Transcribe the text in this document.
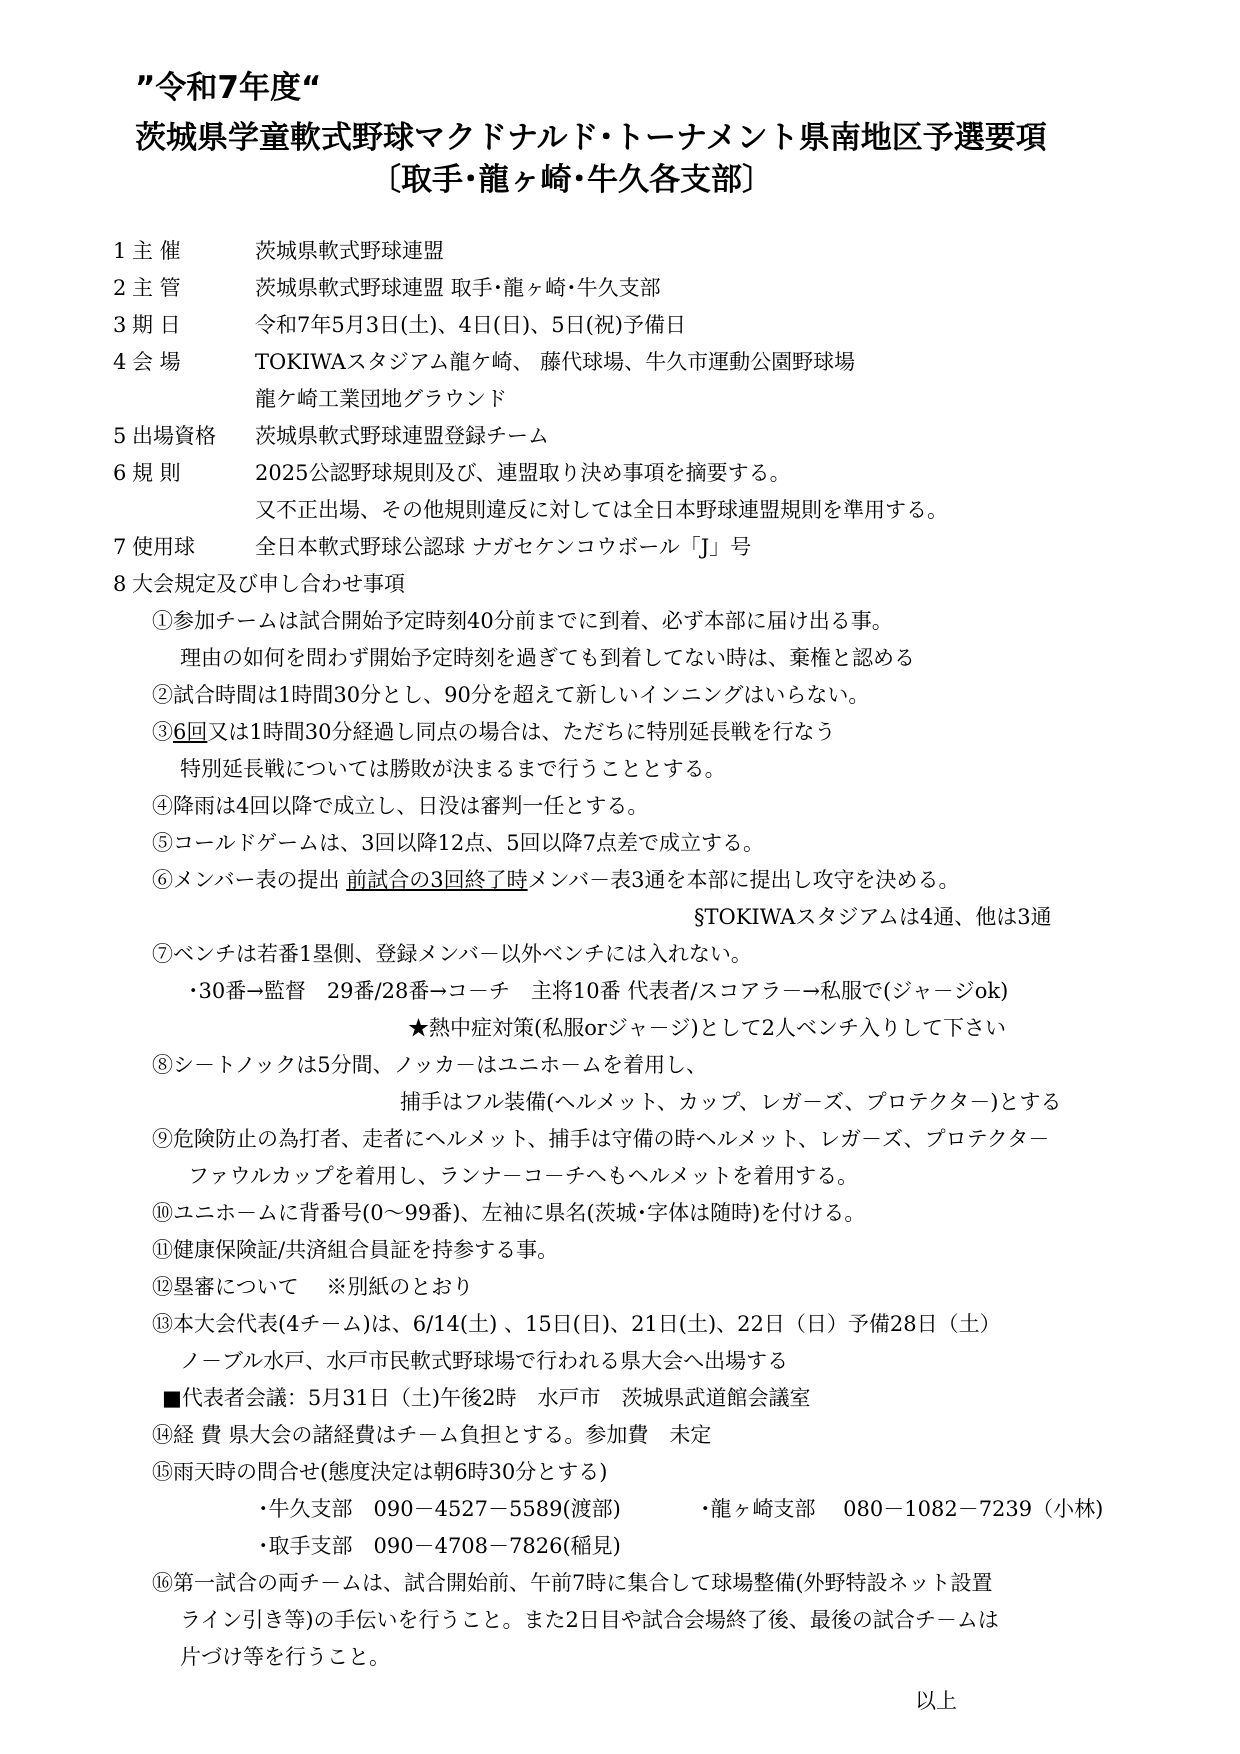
”令和7年度“
茨城県学童軟式野球マクドナルド･トーナメント県南地区予選要項
〔取手･龍ヶ崎･牛久各支部〕
1 主 催	茨城県軟式野球連盟
2 主 管	茨城県軟式野球連盟 取手･龍ヶ崎･牛久支部
3 期 日	令和7年5月3日(土)、4日(日)、5日(祝)予備日
4 会 場	TOKIWAスタジアム龍ケ崎、 藤代球場、牛久市運動公園野球場
龍ケ崎工業団地グラウンド
5 出場資格 茨城県軟式野球連盟登録チーム
6 規 則	2025公認野球規則及び、連盟取り決め事項を摘要する。
又不正出場、その他規則違反に対しては全日本野球連盟規則を準用する。
7 使用球	全日本軟式野球公認球 ナガセケンコウボール「J」号
8 大会規定及び申し合わせ事項
①参加チームは試合開始予定時刻40分前までに到着、必ず本部に届け出る事。
理由の如何を問わず開始予定時刻を過ぎても到着してない時は、棄権と認める
②試合時間は1時間30分とし、90分を超えて新しいインニングはいらない。
③6回又は1時間30分経過し同点の場合は、ただちに特別延長戦を行なう
特別延長戦については勝敗が決まるまで行うこととする。
④降雨は4回以降で成立し、日没は審判一任とする。
⑤コールドゲームは、3回以降12点、5回以降7点差で成立する。
⑥メンバー表の提出 前試合の3回終了時メンバ－表3通を本部に提出し攻守を決める。
§TOKIWAスタジアムは4通、他は3通
⑦ベンチは若番1塁側、登録メンバ－以外ベンチには入れない。
･30番→監督　29番/28番→コ－チ　主将10番 代表者/スコアラ－→私服で(ジャ－ジok)
★熱中症対策(私服orジャ－ジ)として2人ベンチ入りして下さい
⑧シ－トノックは5分間、ノッカ－はユニホ－ムを着用し、
捕手はフル装備(ヘルメット、カップ、レガ－ズ、プロテクタ－)とする
⑨危険防止の為打者、走者にヘルメット、捕手は守備の時ヘルメット、レガ－ズ、プロテクタ－
ファウルカップを着用し、ランナ－コ－チへもヘルメットを着用する。
⑩ユニホ－ムに背番号(0～99番)、左袖に県名(茨城･字体は随時)を付ける。
⑪健康保険証/共済組合員証を持参する事。
⑫塁審について　 ※別紙のとおり
⑬本大会代表(4チ－ム)は、6/14(土) 、15日(日)、21日(土)、22日（日）予備28日（土）
ノ－ブル水戸、水戸市民軟式野球場で行われる県大会へ出場する
■代表者会議：5月31日（土)午後2時　水戸市　茨城県武道館会議室
⑭経 費 県大会の諸経費はチ－ム負担とする。参加費　未定
⑮雨天時の問合せ(態度決定は朝6時30分とする)
･牛久支部　090－4527－5589(渡部)	･龍ヶ崎支部　 080－1082－7239（小林)
･取手支部　090－4708－7826(稲見)
⑯第一試合の両チ－ムは、試合開始前、午前7時に集合して球場整備(外野特設ネット設置
ライン引き等)の手伝いを行うこと。また2日目や試合会場終了後、最後の試合チ－ムは
片づけ等を行うこと。
以上
